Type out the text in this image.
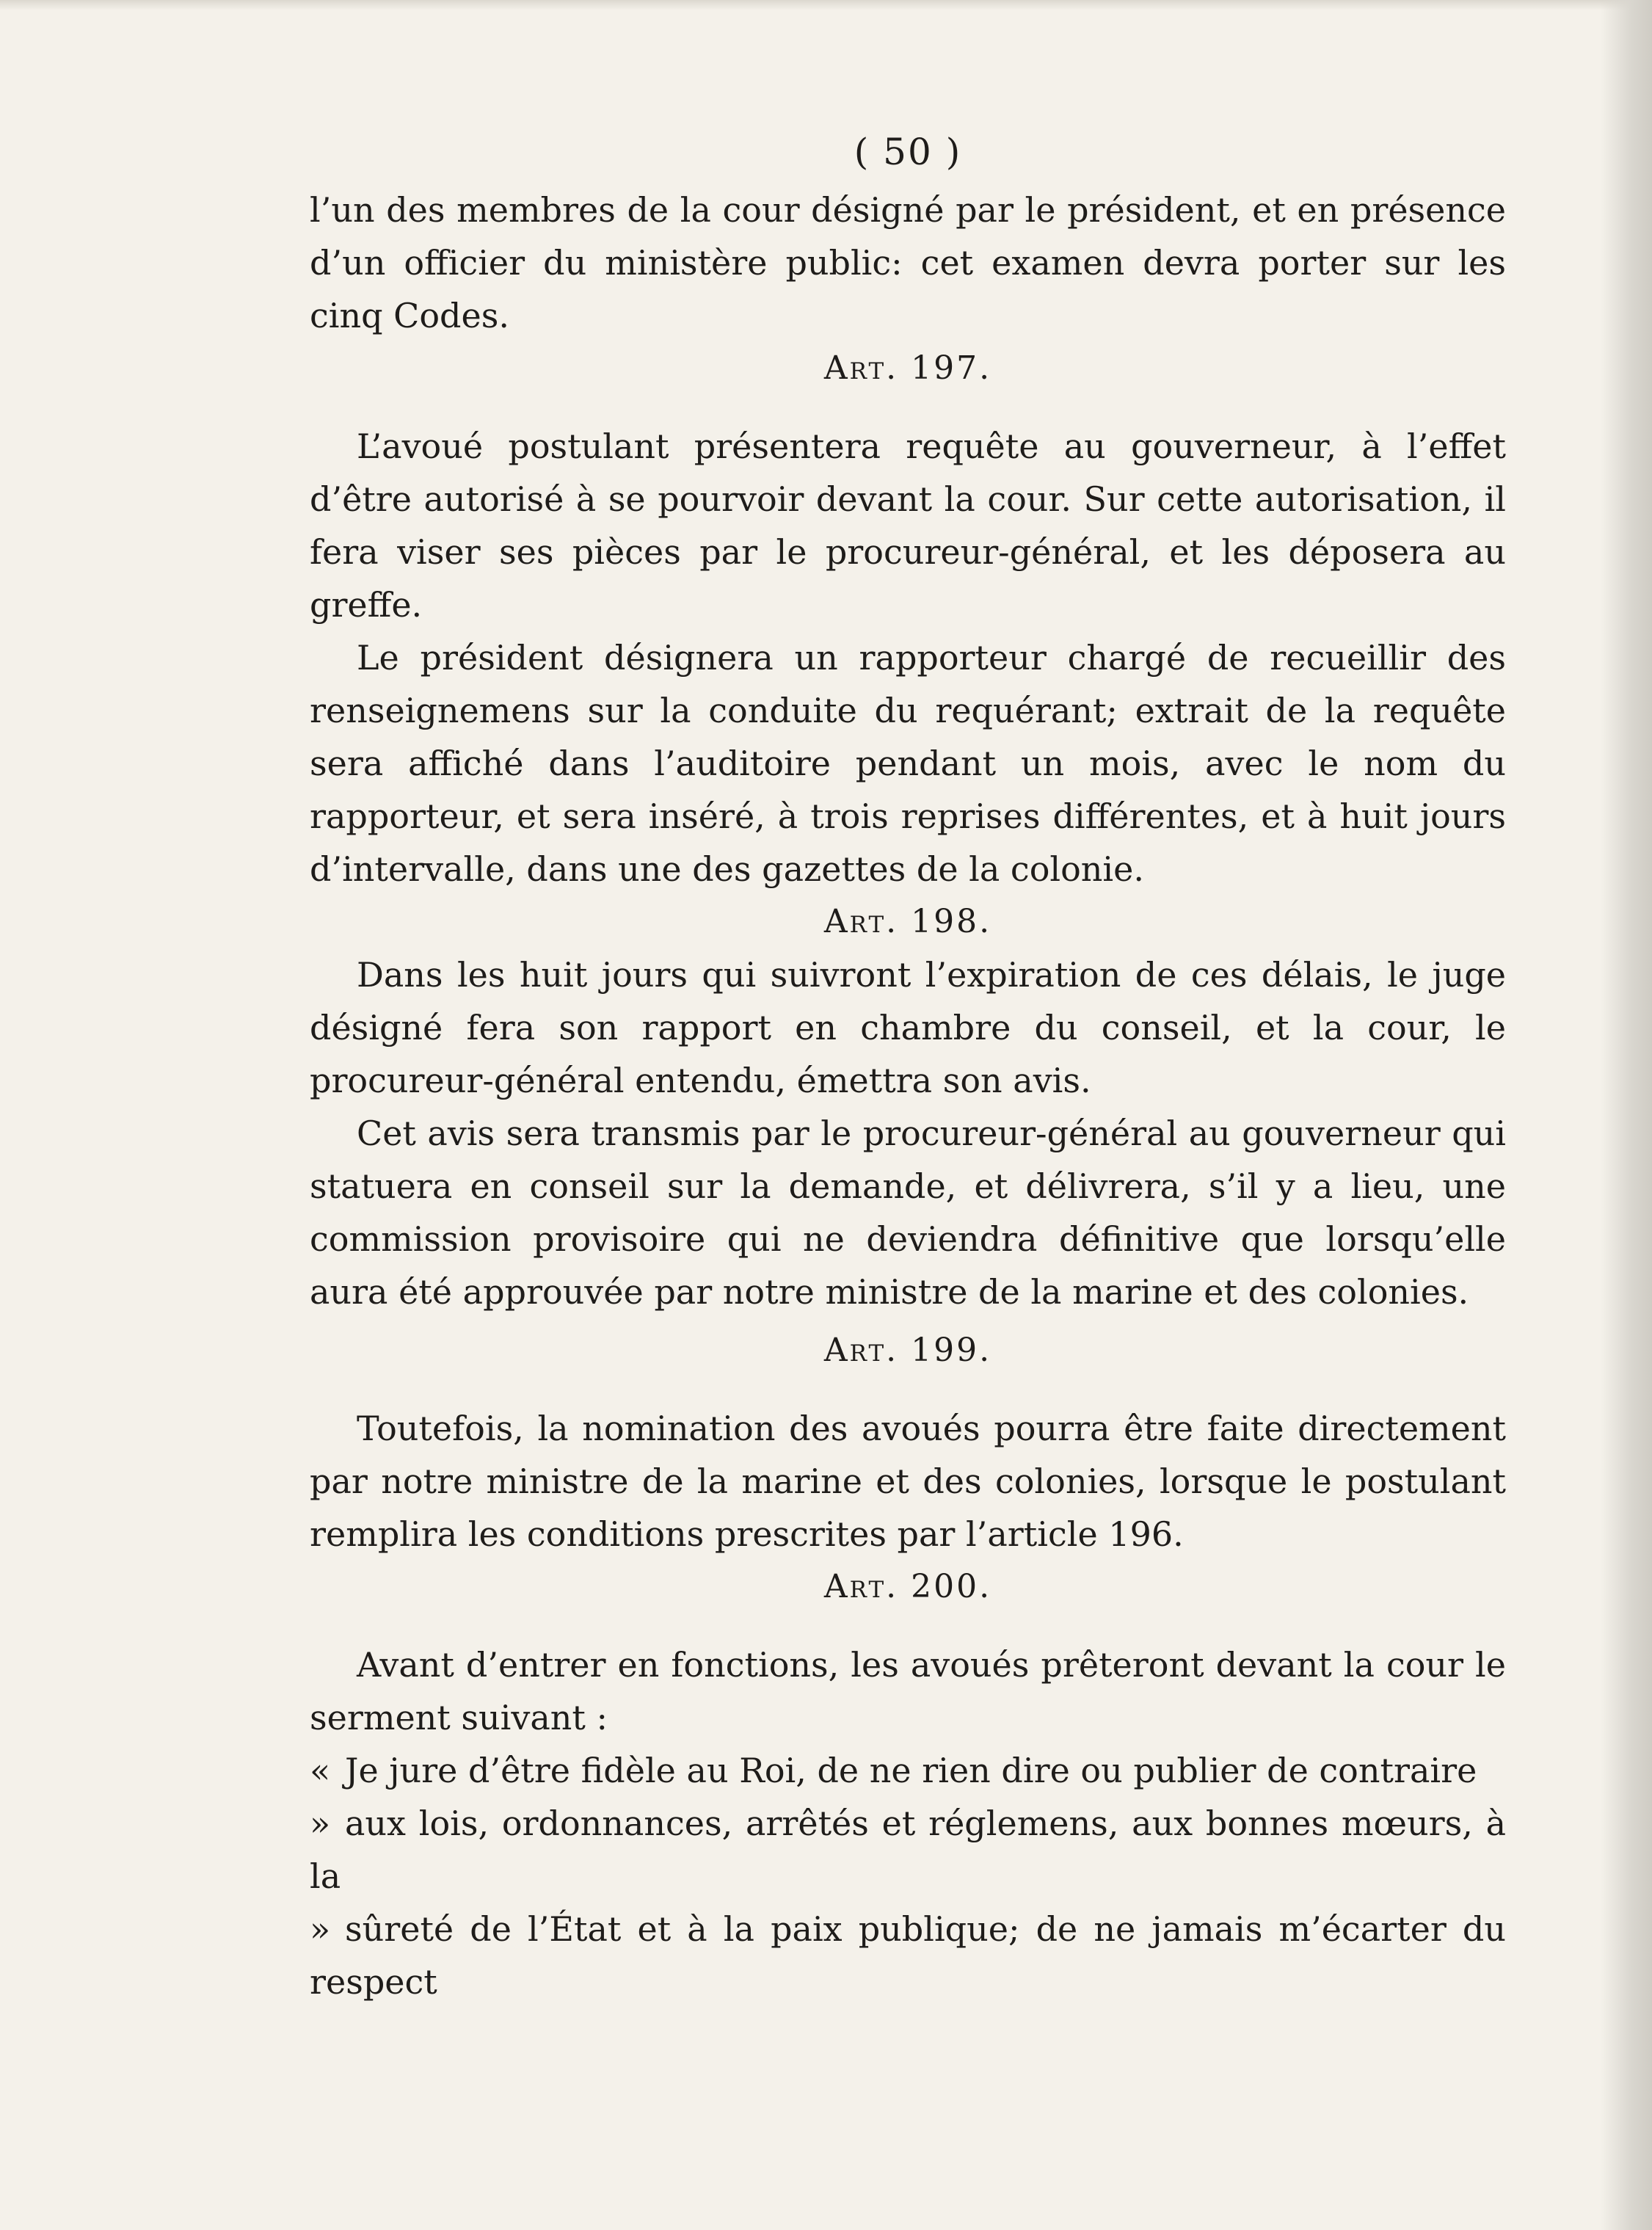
( 50 )

l’un des membres de la cour désigné par le président, et en présence d’un officier du ministère public: cet examen devra porter sur les cinq Codes.

Art. 197.

L’avoué postulant présentera requête au gouverneur, à l’effet d’être autorisé à se pourvoir devant la cour. Sur cette autorisation, il fera viser ses pièces par le procureur-général, et les déposera au greffe.

Le président désignera un rapporteur chargé de recueillir des renseignemens sur la conduite du requérant; extrait de la requête sera affiché dans l’auditoire pendant un mois, avec le nom du rapporteur, et sera inséré, à trois reprises différentes, et à huit jours d’intervalle, dans une des gazettes de la colonie.

Art. 198.

Dans les huit jours qui suivront l’expiration de ces délais, le juge désigné fera son rapport en chambre du conseil, et la cour, le procureur-général entendu, émettra son avis.

Cet avis sera transmis par le procureur-général au gouverneur qui statuera en conseil sur la demande, et délivrera, s’il y a lieu, une commission provisoire qui ne deviendra définitive que lorsqu’elle aura été approuvée par notre ministre de la marine et des colonies.

Art. 199.

Toutefois, la nomination des avoués pourra être faite directement par notre ministre de la marine et des colonies, lorsque le postulant remplira les conditions prescrites par l’article 196.

Art. 200.

Avant d’entrer en fonctions, les avoués prêteront devant la cour le serment suivant :

« Je jure d’être fidèle au Roi, de ne rien dire ou publier de contraire

» aux lois, ordonnances, arrêtés et réglemens, aux bonnes mœurs, à la

» sûreté de l’État et à la paix publique; de ne jamais m’écarter du respect
